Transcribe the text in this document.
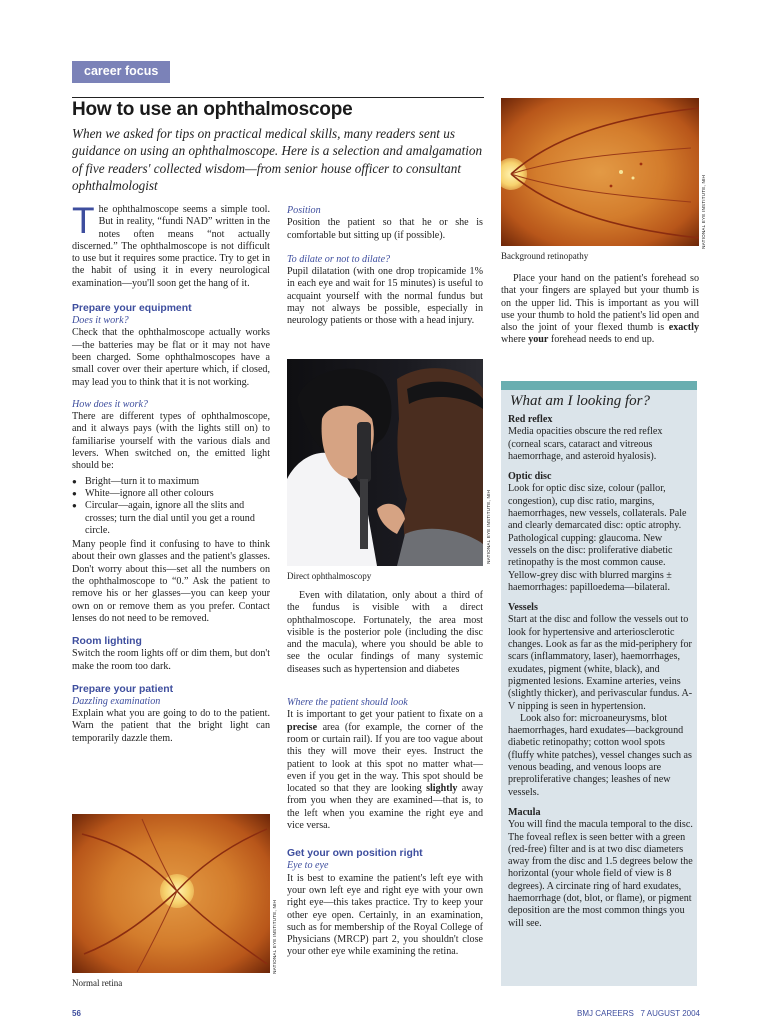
career focus
How to use an ophthalmoscope
When we asked for tips on practical medical skills, many readers sent us guidance on using an ophthalmoscope. Here is a selection and amalgamation of five readers' collected wisdom—from senior house officer to consultant ophthalmologist

The ophthalmoscope seems a simple tool. But in reality, “fundi NAD” written in the notes often means “not actually discerned.” The ophthalmoscope is not difficult to use but it requires some practice. Try to get in the habit of using it in every neurological examination—you'll soon get the hang of it.

Prepare your equipment
Does it work?

Check that the ophthalmoscope actually works—the batteries may be flat or it may not have been charged. Some ophthalmoscopes have a small cover over their aperture which, if closed, may lead you to think that it is not working.

How does it work?

There are different types of ophthalmoscope, and it always pays (with the lights still on) to familiarise yourself with the various dials and levers. When switched on, the emitted light should be:

● Bright—turn it to maximum
● White—ignore all other colours
● Circular—again, ignore all the slits and crosses; turn the dial until you get a round circle.

Many people find it confusing to have to think about their own glasses and the patient's glasses. Don't worry about this—set all the numbers on the ophthalmoscope to “0.” Ask the patient to remove his or her glasses—you can keep your own on or remove them as you prefer. Contact lenses do not need to be removed.

Room lighting

Switch the room lights off or dim them, but don't make the room too dark.

Prepare your patient
Dazzling examination

Explain what you are going to do to the patient. Warn the patient that the bright light can temporarily dazzle them.

NATIONAL EYE INSTITUTE, NIH
Normal retina
Position

Position the patient so that he or she is comfortable but sitting up (if possible).

To dilate or not to dilate?

Pupil dilatation (with one drop tropicamide 1% in each eye and wait for 15 minutes) is useful to acquaint yourself with the normal fundus but may not always be possible, especially in neurology patients or those with a head injury.

NATIONAL EYE INSTITUTE, NIH
Direct ophthalmoscopy

Even with dilatation, only about a third of the fundus is visible with a direct ophthalmoscope. Fortunately, the area most visible is the posterior pole (including the disc and the macula), where you should be able to see the ocular findings of many systemic diseases such as hypertension and diabetes

Where the patient should look

It is important to get your patient to fixate on a precise area (for example, the corner of the room or curtain rail). If you are too vague about this they will move their eyes. Instruct the patient to look at this spot no matter what—even if you get in the way. This spot should be located so that they are looking slightly away from you when they are examined—that is, to the left when you examine the right eye and vice versa.

Get your own position right
Eye to eye

It is best to examine the patient's left eye with your own left eye and right eye with your own right eye—this takes practice. Try to keep your other eye open. Certainly, in an examination, such as for membership of the Royal College of Physicians (MRCP) part 2, you shouldn't close your other eye while examining the retina.

NATIONAL EYE INSTITUTE, NIH
Background retinopathy

Place your hand on the patient's forehead so that your fingers are splayed but your thumb is on the upper lid. This is important as you will use your thumb to hold the patient's lid open and also the joint of your flexed thumb is exactly where your forehead needs to end up.

What am I looking for?
Red reflex

Media opacities obscure the red reflex (corneal scars, cataract and vitreous haemorrhage, and asteroid hyalosis).

Optic disc

Look for optic disc size, colour (pallor, congestion), cup disc ratio, margins, haemorrhages, new vessels, collaterals. Pale and clearly demarcated disc: optic atrophy. Pathological cupping: glaucoma. New vessels on the disc: proliferative diabetic retinopathy is the most common cause. Yellow-grey disc with blurred margins ± haemorrhages: papilloedema—bilateral.

Vessels

Start at the disc and follow the vessels out to look for hypertensive and arteriosclerotic changes. Look as far as the mid-periphery for scars (inflammatory, laser), haemorrhages, exudates, pigment (white, black), and pigmented lesions. Examine arteries, veins (slightly thicker), and perivascular fundus. A-V nipping is seen in hypertension.

Look also for: microaneurysms, blot haemorrhages, hard exudates—background diabetic retinopathy; cotton wool spots (fluffy white patches), vessel changes such as venous beading, and venous loops are preproliferative changes; leashes of new vessels.

Macula

You will find the macula temporal to the disc. The foveal reflex is seen better with a green (red-free) filter and is at two disc diameters away from the disc and 1.5 degrees below the horizontal (your whole field of view is 8 degrees). A circinate ring of hard exudates, haemorrhage (dot, blot, or flame), or pigment deposition are the most common things you will see.

56	BMJ CAREERS   7 AUGUST 2004
